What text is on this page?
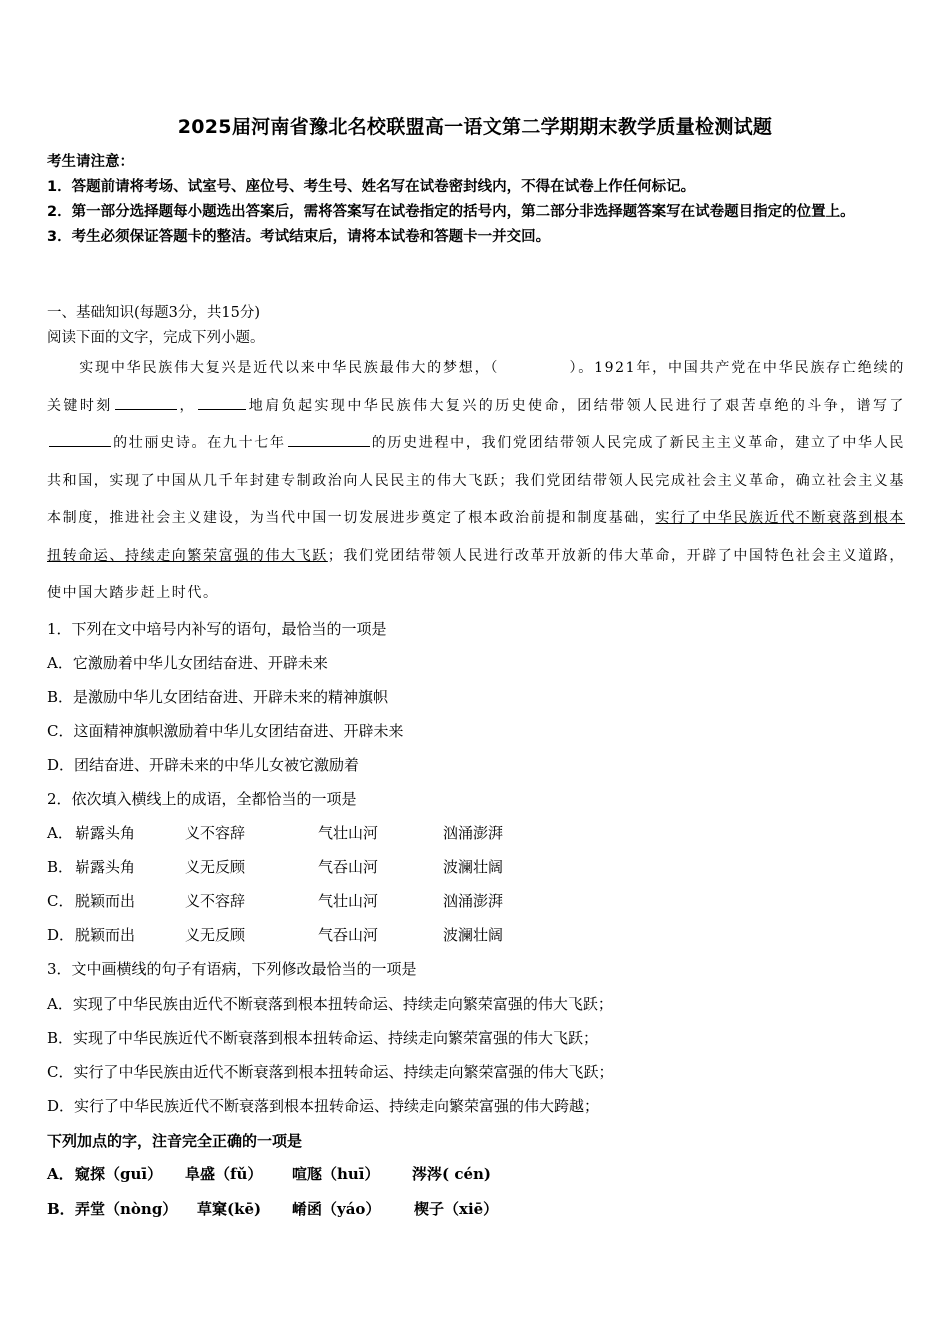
2025届河南省豫北名校联盟高一语文第二学期期末教学质量检测试题
考生请注意：
1．答题前请将考场、试室号、座位号、考生号、姓名写在试卷密封线内，不得在试卷上作任何标记。
2．第一部分选择题每小题选出答案后，需将答案写在试卷指定的括号内，第二部分非选择题答案写在试卷题目指定的位置上。
3．考生必须保证答题卡的整洁。考试结束后，请将本试卷和答题卡一并交回。
一、基础知识(每题3分，共15分)
阅读下面的文字，完成下列小题。
实现中华民族伟大复兴是近代以来中华民族最伟大的梦想，（	）。1921年，中国共产党在中华民族存亡绝续的关键时刻	，	地肩负起实现中华民族伟大复兴的历史使命，团结带领人民进行了艰苦卓绝的斗争，谱写了的壮丽史诗。在九十七年	的历史进程中，我们党团结带领人民完成了新民主主义革命，建立了中华人民共和国，实现了中国从几千年封建专制政治向人民民主的伟大飞跃；我们党团结带领人民完成社会主义革命，确立社会主义基本制度，推进社会主义建设，为当代中国一切发展进步奠定了根本政治前提和制度基础，实行了中华民族近代不断衰落到根本扭转命运、持续走向繁荣富强的伟大飞跃；我们党团结带领人民进行改革开放新的伟大革命，开辟了中国特色社会主义道路，使中国大踏步赶上时代。
1．下列在文中培号内补写的语句，最恰当的一项是
A．它激励着中华儿女团结奋进、开辟未来
B．是激励中华儿女团结奋进、开辟未来的精神旗帜
C．这面精神旗帜激励着中华儿女团结奋进、开辟未来
D．团结奋进、开辟未来的中华儿女被它激励着
2．依次填入横线上的成语，全都恰当的一项是
A． 崭露头角	义不容辞	气壮山河	汹涌澎湃
B． 崭露头角	义无反顾	气吞山河	波澜壮阔
C． 脱颖而出	义不容辞	气壮山河	汹涌澎湃
D． 脱颖而出	义无反顾	气吞山河	波澜壮阔
3．文中画横线的句子有语病，下列修改最恰当的一项是
A．实现了中华民族由近代不断衰落到根本扭转命运、持续走向繁荣富强的伟大飞跃；
B．实现了中华民族近代不断衰落到根本扭转命运、持续走向繁荣富强的伟大飞跃；
C．实行了中华民族由近代不断衰落到根本扭转命运、持续走向繁荣富强的伟大飞跃；
D．实行了中华民族近代不断衰落到根本扭转命运、持续走向繁荣富强的伟大跨越；
下列加点的字，注音完全正确的一项是
A． 窥探（guī） 阜盛（fǔ） 喧豗（huī） 涔涔( cén)
B． 弄堂（nòng） 草窠(kē) 崤函（yáo） 楔子（xiē）
